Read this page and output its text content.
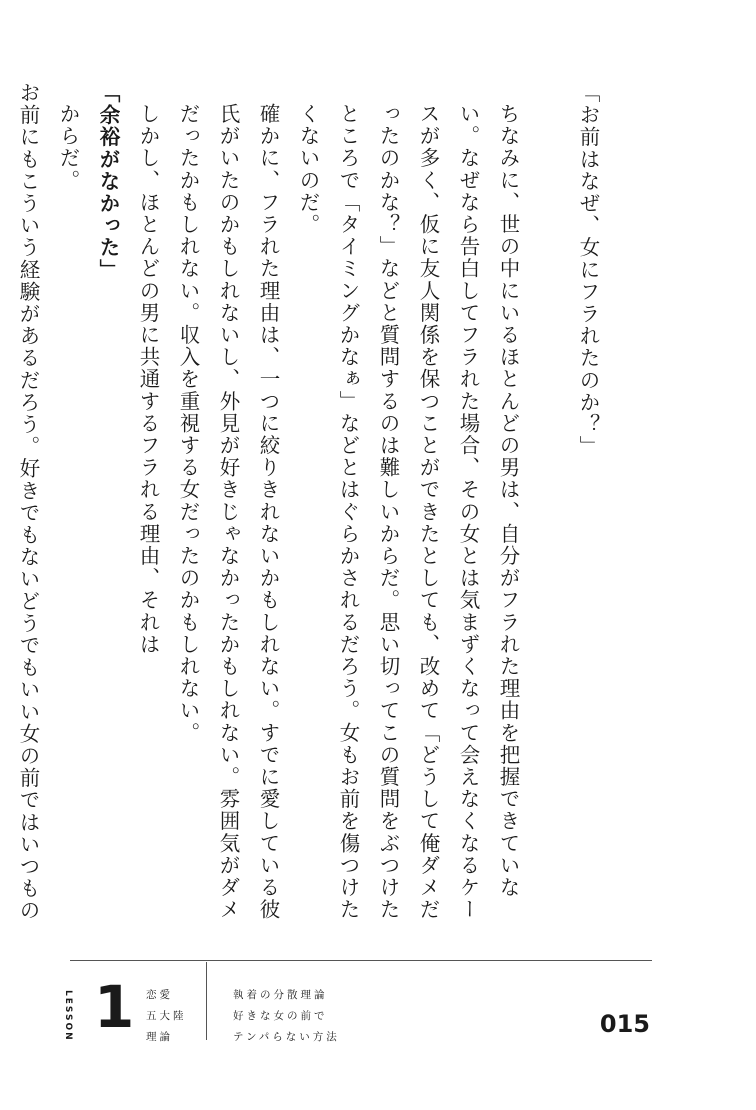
「お前はなぜ、女にフラれたのか？」

ちなみに、世の中にいるほとんどの男は、自分がフラれた理由を把握できていない。なぜなら告白してフラれた場合、その女とは気まずくなって会えなくなるケースが多く、仮に友人関係を保つことができたとしても、改めて「どうして俺ダメだったのかな？」などと質問するのは難しいからだ。思い切ってこの質問をぶつけたところで「タイミングかなぁ」などとはぐらかされるだろう。女もお前を傷つけたくないのだ。

確かに、フラれた理由は、一つに絞りきれないかもしれない。すでに愛している彼氏がいたのかもしれないし、外見が好きじゃなかったかもしれない。雰囲気がダメだったかもしれない。収入を重視する女だったのかもしれない。

しかし、ほとんどの男に共通するフラれる理由、それは

「余裕がなかった」

からだ。

お前にもこういう経験があるだろう。好きでもないどうでもいい女の前ではいつもの

LESSON 1 恋愛
五大陸
理論
執着の分散理論
好きな女の前で
テンパらない方法	015
